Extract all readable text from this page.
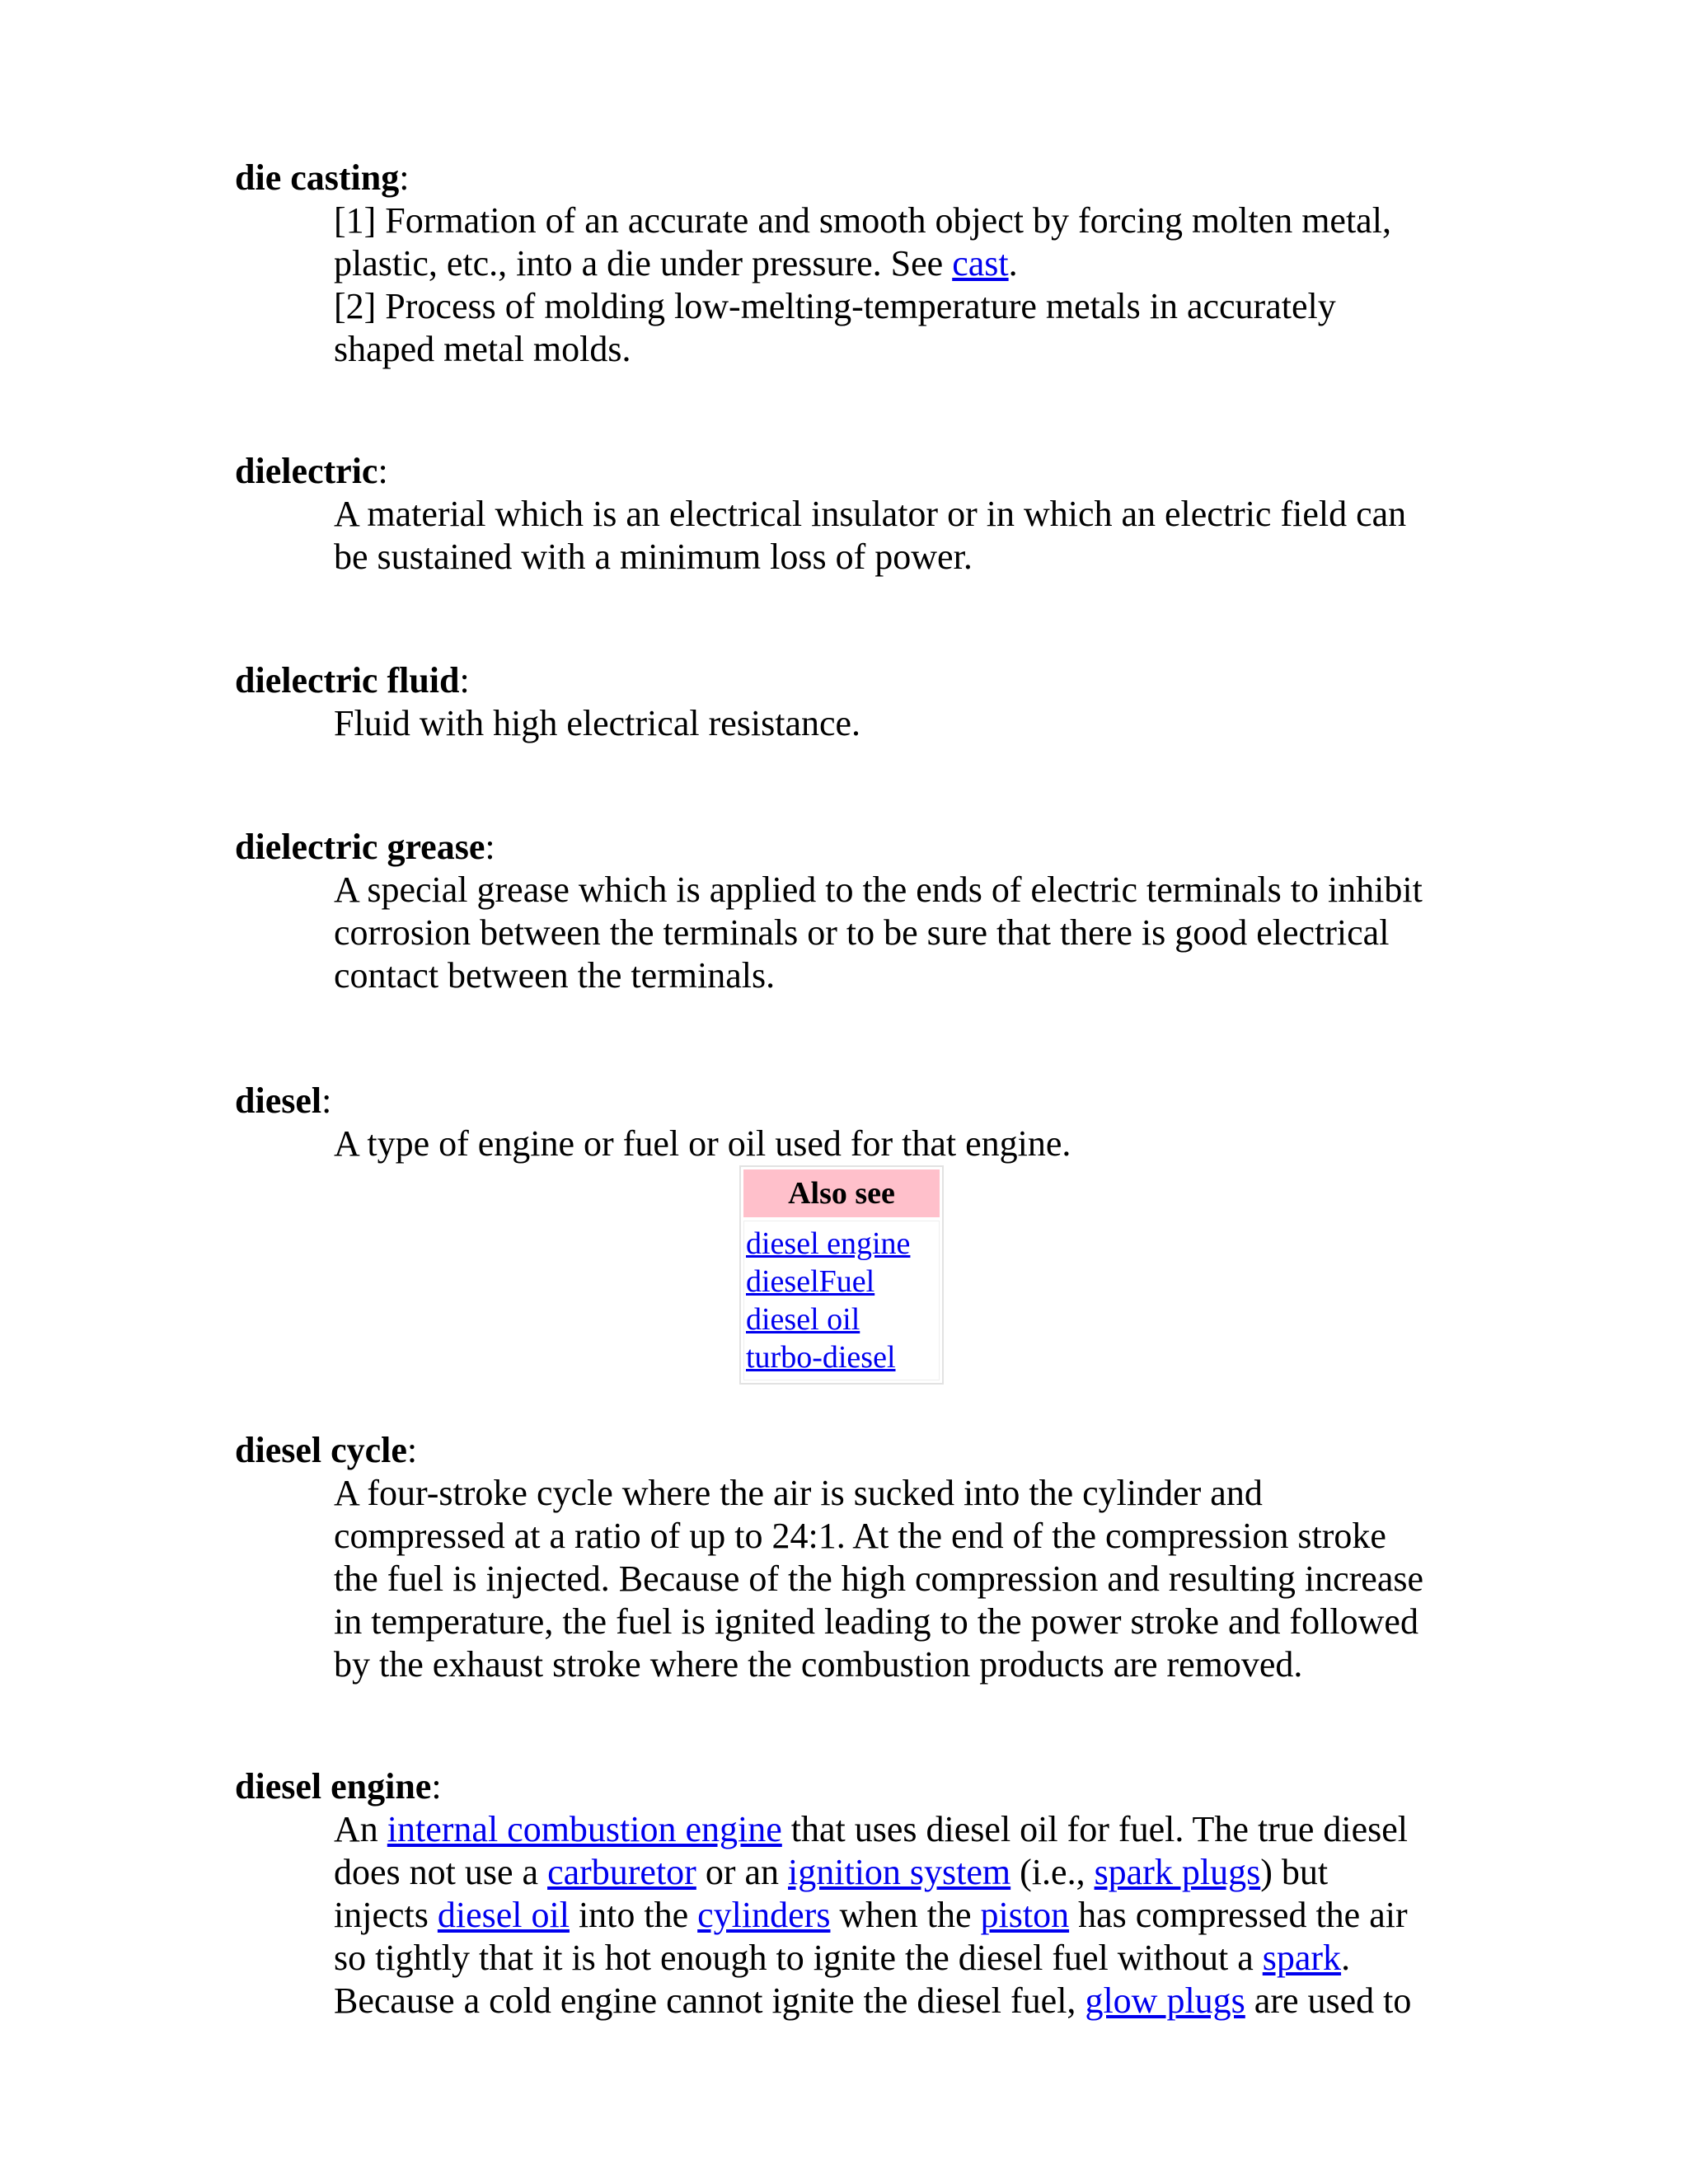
die casting:
[1] Formation of an accurate and smooth object by forcing molten metal,
plastic, etc., into a die under pressure. See cast.
[2] Process of molding low-melting-temperature metals in accurately
shaped metal molds.
dielectric:
A material which is an electrical insulator or in which an electric field can
be sustained with a minimum loss of power.
dielectric fluid:
Fluid with high electrical resistance.
dielectric grease:
A special grease which is applied to the ends of electric terminals to inhibit
corrosion between the terminals or to be sure that there is good electrical
contact between the terminals.
diesel:
A type of engine or fuel or oil used for that engine.
Also see
diesel engine
dieselFuel
diesel oil
turbo-diesel
diesel cycle:
A four-stroke cycle where the air is sucked into the cylinder and
compressed at a ratio of up to 24:1. At the end of the compression stroke
the fuel is injected. Because of the high compression and resulting increase
in temperature, the fuel is ignited leading to the power stroke and followed
by the exhaust stroke where the combustion products are removed.
diesel engine:
An internal combustion engine that uses diesel oil for fuel. The true diesel
does not use a carburetor or an ignition system (i.e., spark plugs) but
injects diesel oil into the cylinders when the piston has compressed the air
so tightly that it is hot enough to ignite the diesel fuel without a spark.
Because a cold engine cannot ignite the diesel fuel, glow plugs are used to
